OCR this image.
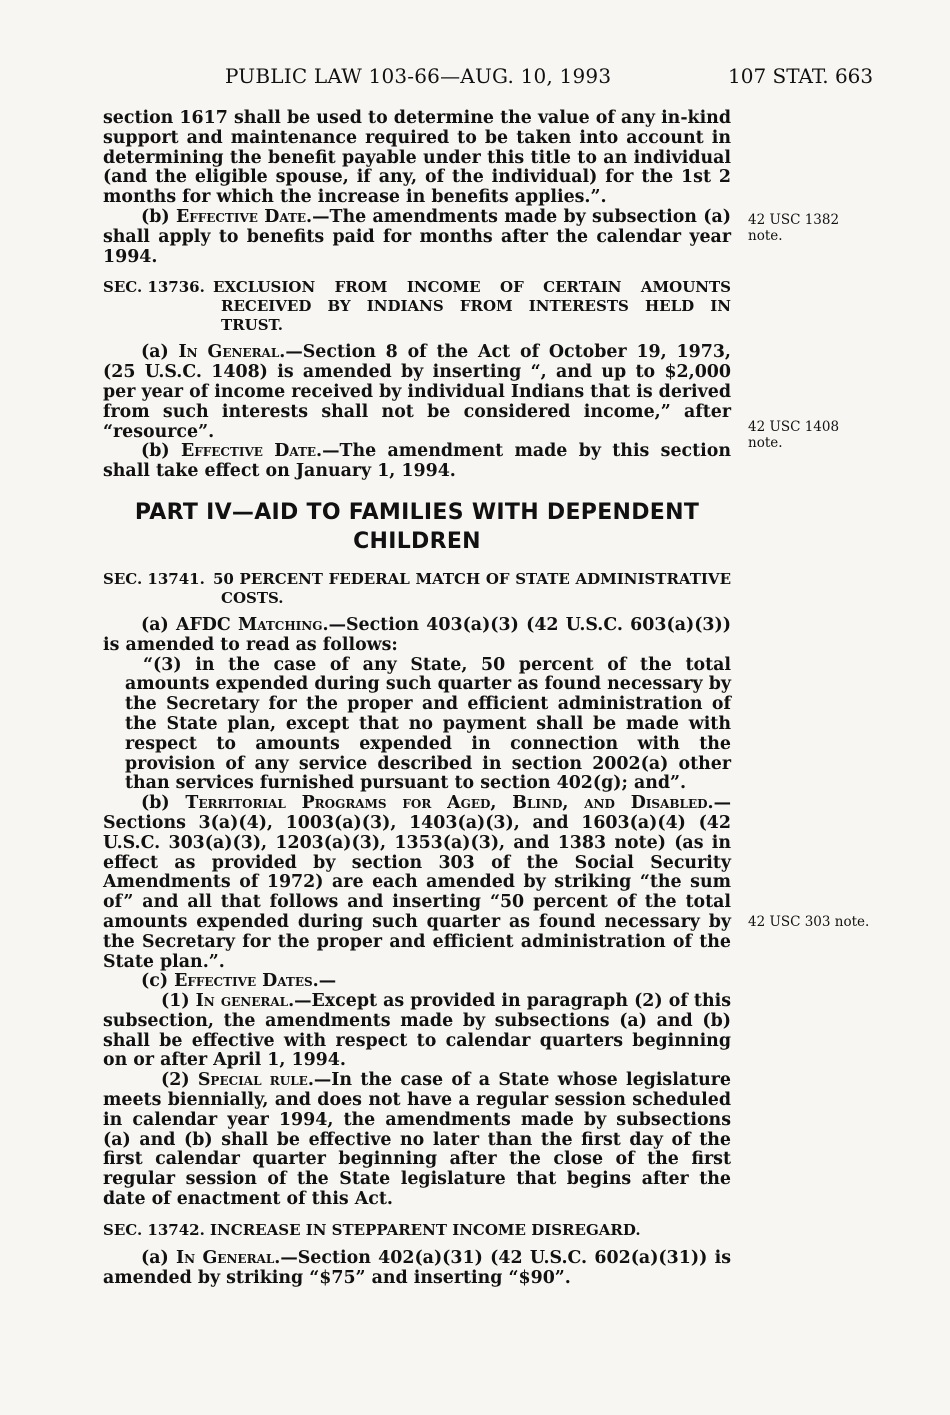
PUBLIC LAW 103-66—AUG. 10, 1993	107 STAT. 663

section 1617 shall be used to determine the value of any in-kind support and maintenance required to be taken into account in determining the benefit payable under this title to an individual (and the eligible spouse, if any, of the individual) for the 1st 2 months for which the increase in benefits applies.”.

(b) Effective Date.—The amendments made by subsection (a) shall apply to benefits paid for months after the calendar year 1994.

SEC. 13736. EXCLUSION FROM INCOME OF CERTAIN AMOUNTS RECEIVED BY INDIANS FROM INTERESTS HELD IN TRUST.

(a) In General.—Section 8 of the Act of October 19, 1973, (25 U.S.C. 1408) is amended by inserting “, and up to $2,000 per year of income received by individual Indians that is derived from such interests shall not be considered income,” after “resource”.

(b) Effective Date.—The amendment made by this section shall take effect on January 1, 1994.

PART IV—AID TO FAMILIES WITH DEPENDENT CHILDREN
SEC. 13741. 50 PERCENT FEDERAL MATCH OF STATE ADMINISTRATIVE COSTS.

(a) AFDC Matching.—Section 403(a)(3) (42 U.S.C. 603(a)(3)) is amended to read as follows:

“(3) in the case of any State, 50 percent of the total amounts expended during such quarter as found necessary by the Secretary for the proper and efficient administration of the State plan, except that no payment shall be made with respect to amounts expended in connection with the provision of any service described in section 2002(a) other than services furnished pursuant to section 402(g); and”.

(b) Territorial Programs for Aged, Blind, and Disabled.—Sections 3(a)(4), 1003(a)(3), 1403(a)(3), and 1603(a)(4) (42 U.S.C. 303(a)(3), 1203(a)(3), 1353(a)(3), and 1383 note) (as in effect as provided by section 303 of the Social Security Amendments of 1972) are each amended by striking “the sum of” and all that follows and inserting “50 percent of the total amounts expended during such quarter as found necessary by the Secretary for the proper and efficient administration of the State plan.”.

(c) Effective Dates.—

(1) In general.—Except as provided in paragraph (2) of this subsection, the amendments made by subsections (a) and (b) shall be effective with respect to calendar quarters beginning on or after April 1, 1994.

(2) Special rule.—In the case of a State whose legislature meets biennially, and does not have a regular session scheduled in calendar year 1994, the amendments made by subsections (a) and (b) shall be effective no later than the first day of the first calendar quarter beginning after the close of the first regular session of the State legislature that begins after the date of enactment of this Act.

SEC. 13742. INCREASE IN STEPPARENT INCOME DISREGARD.

(a) In General.—Section 402(a)(31) (42 U.S.C. 602(a)(31)) is amended by striking “$75” and inserting “$90”.

42 USC 1382
note.
42 USC 1408
note.
42 USC 303 note.
